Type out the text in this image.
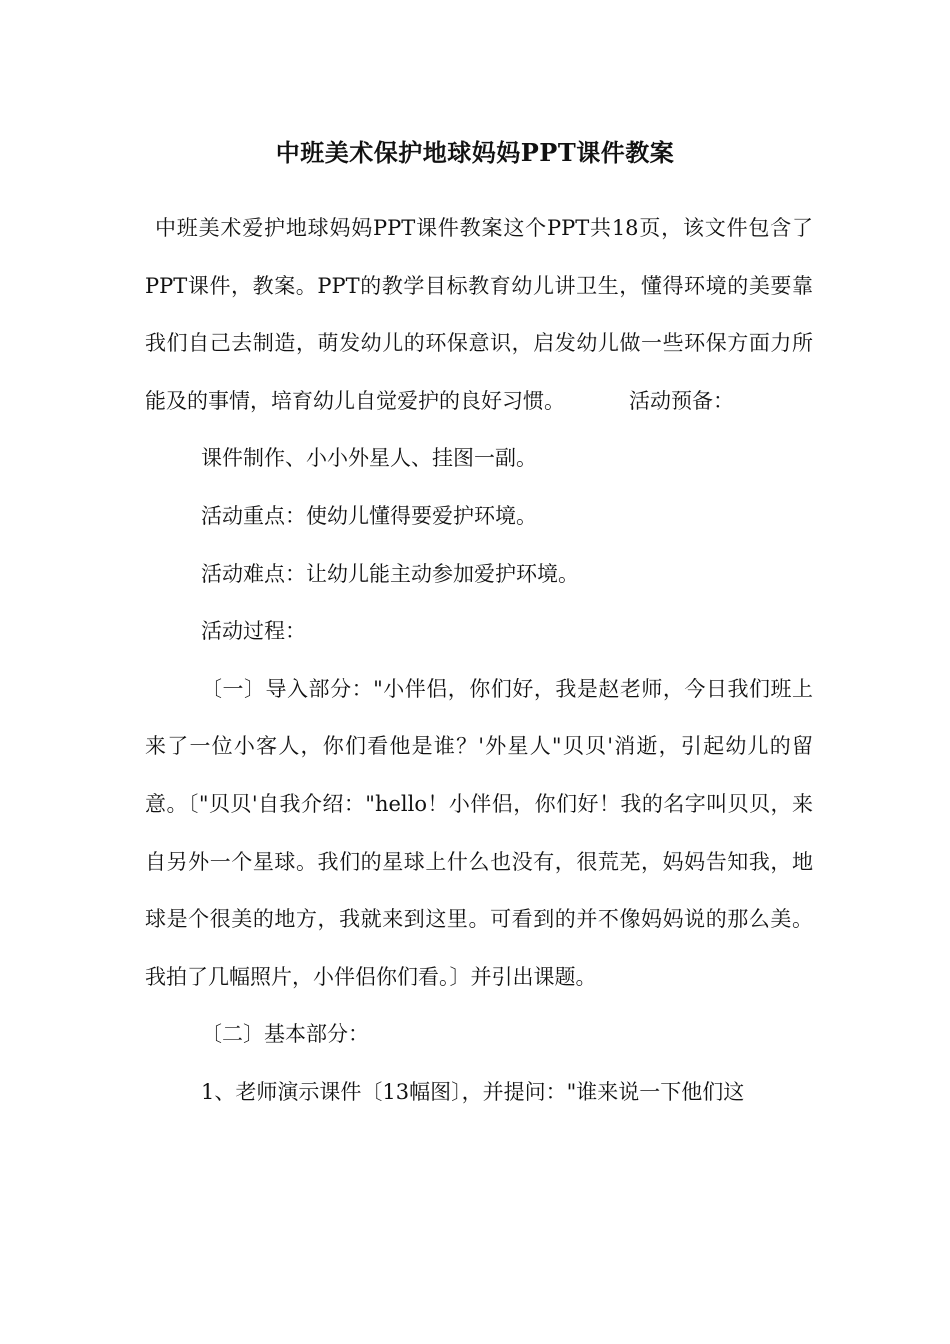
中班美术保护地球妈妈PPT课件教案

中班美术爱护地球妈妈PPT课件教案这个PPT共18页，该文件包含了PPT课件，教案。PPT的教学目标教育幼儿讲卫生，懂得环境的美要靠我们自己去制造，萌发幼儿的环保意识，启发幼儿做一些环保方面力所能及的事情，培育幼儿自觉爱护的良好习惯。	活动预备：

课件制作、小小外星人、挂图一副。

活动重点：使幼儿懂得要爱护环境。

活动难点：让幼儿能主动参加爱护环境。

活动过程：

〔一〕导入部分："小伴侣，你们好，我是赵老师，今日我们班上来了一位小客人，你们看他是谁？'外星人"贝贝'消逝，引起幼儿的留意。〔"贝贝'自我介绍："hello！小伴侣，你们好！我的名字叫贝贝，来自另外一个星球。我们的星球上什么也没有，很荒芜，妈妈告知我，地球是个很美的地方，我就来到这里。可看到的并不像妈妈说的那么美。我拍了几幅照片，小伴侣你们看。〕并引出课题。

〔二〕基本部分：

1、老师演示课件〔13幅图〕，并提问："谁来说一下他们这
